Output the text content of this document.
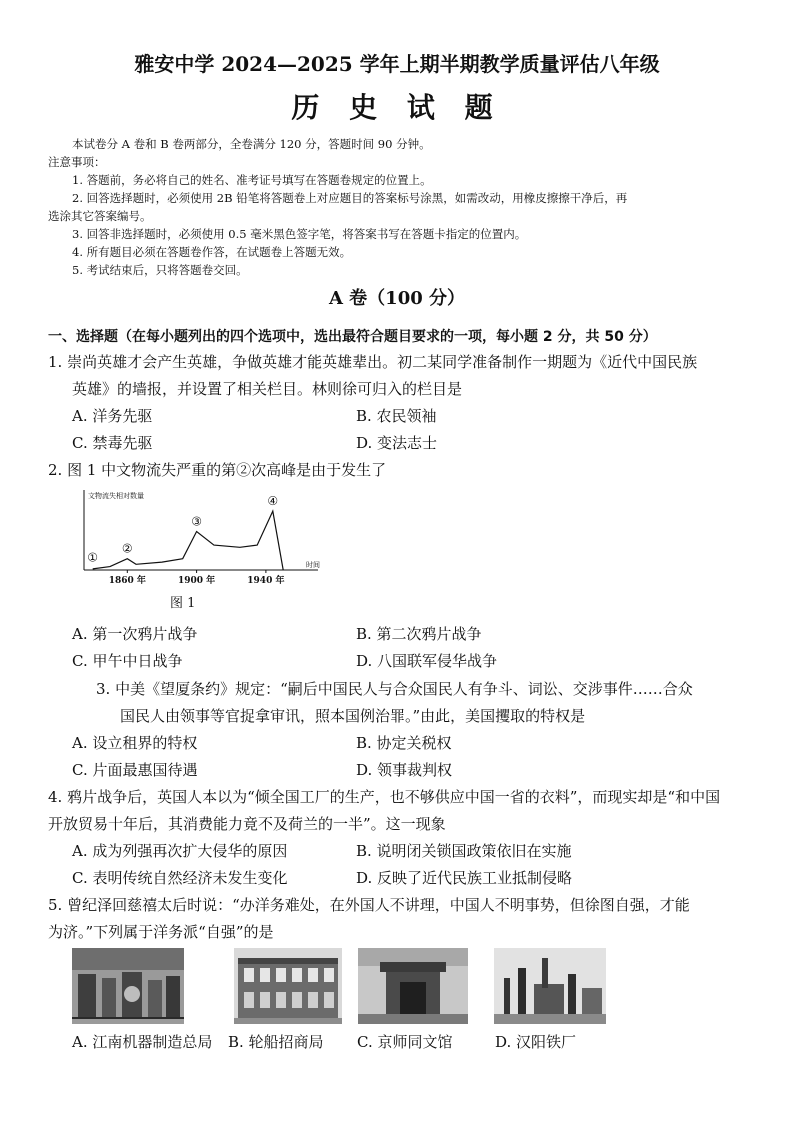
雅安中学 2024—2025 学年上期半期教学质量评估八年级
历 史 试 题
本试卷分 A 卷和 B 卷两部分，全卷满分 120 分，答题时间 90 分钟。
注意事项：
1. 答题前，务必将自己的姓名、准考证号填写在答题卷规定的位置上。
2. 回答选择题时，必须使用 2B 铅笔将答题卷上对应题目的答案标号涂黑，如需改动，用橡皮擦擦干净后，再
选涂其它答案编号。
3. 回答非选择题时，必须使用 0.5 毫米黑色签字笔，将答案书写在答题卡指定的位置内。
4. 所有题目必须在答题卷作答，在试题卷上答题无效。
5. 考试结束后，只将答题卷交回。
A 卷（100 分）
一、选择题（在每小题列出的四个选项中，选出最符合题目要求的一项，每小题 2 分，共 50 分）
1. 崇尚英雄才会产生英雄，争做英雄才能英雄辈出。初二某同学准备制作一期题为《近代中国民族
英雄》的墙报，并设置了相关栏目。林则徐可归入的栏目是
A. 洋务先驱	B. 农民领袖
C. 禁毒先驱	D. 变法志士
2. 图 1 中文物流失严重的第②次高峰是由于发生了
①
②
③
④
文物流失相对数量
时间
1860 年	1900 年	1940 年
图 1
A. 第一次鸦片战争	B. 第二次鸦片战争
C. 甲午中日战争	D. 八国联军侵华战争
3. 中美《望厦条约》规定：“嗣后中国民人与合众国民人有争斗、词讼、交涉事件……合众
国民人由领事等官捉拿审讯，照本国例治罪。”由此，美国攫取的特权是
A. 设立租界的特权	B. 协定关税权
C. 片面最惠国待遇	D. 领事裁判权
4. 鸦片战争后，英国人本以为“倾全国工厂的生产，也不够供应中国一省的衣料”，而现实却是“和中国
开放贸易十年后，其消费能力竟不及荷兰的一半”。这一现象
A. 成为列强再次扩大侵华的原因	B. 说明闭关锁国政策依旧在实施
C. 表明传统自然经济未发生变化	D. 反映了近代民族工业抵制侵略
5. 曾纪泽回慈禧太后时说：“办洋务难处，在外国人不讲理，中国人不明事势，但徐图自强，才能
为济。”下列属于洋务派“自强”的是
A. 江南机器制造总局 B. 轮船招商局 C. 京师同文馆	D. 汉阳铁厂
